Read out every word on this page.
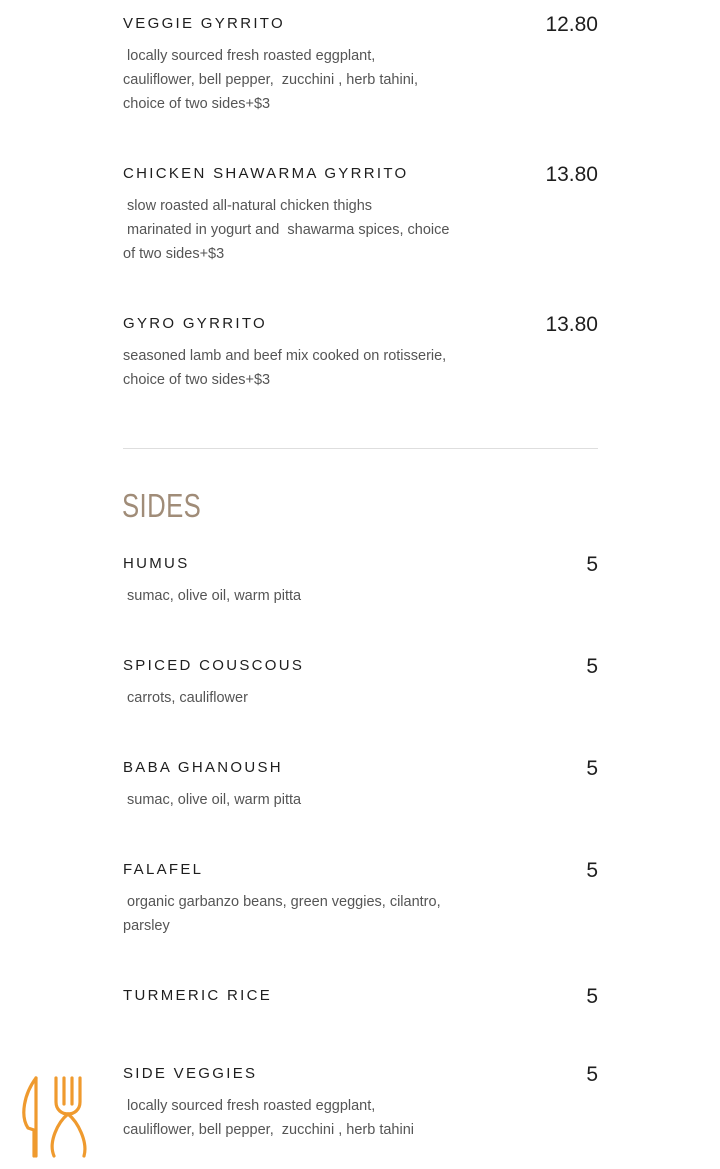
VEGGIE GYRRITO	12.80
locally sourced fresh roasted eggplant,
cauliflower, bell pepper,  zucchini , herb tahini,
choice of two sides+$3
CHICKEN SHAWARMA GYRRITO	13.80
slow roasted all-natural chicken thighs
marinated in yogurt and  shawarma spices, choice
of two sides+$3
GYRO GYRRITO	13.80
seasoned lamb and beef mix cooked on rotisserie,
choice of two sides+$3
SIDES
HUMUS	5
sumac, olive oil, warm pitta
SPICED COUSCOUS	5
carrots, cauliflower
BABA GHANOUSH	5
sumac, olive oil, warm pitta
FALAFEL	5
organic garbanzo beans, green veggies, cilantro,
parsley
TURMERIC RICE	5
SIDE VEGGIES	5
locally sourced fresh roasted eggplant,
cauliflower, bell pepper,  zucchini , herb tahini
